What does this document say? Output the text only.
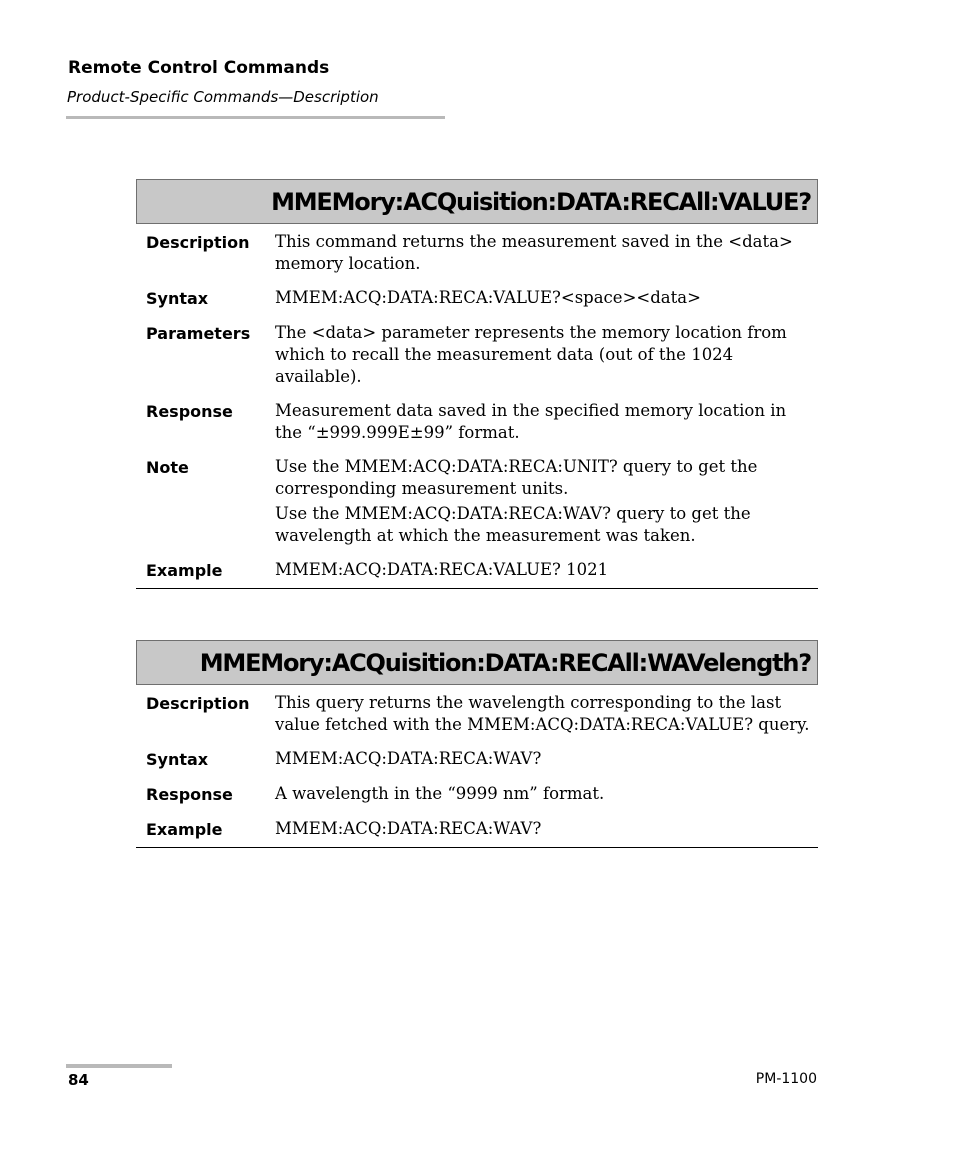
Remote Control Commands
Product-Specific Commands—Description
MMEMory:ACQuisition:DATA:RECAll:VALUE?
Description	This command returns the measurement saved in the <data> memory location.

Syntax	MMEM:ACQ:DATA:RECA:VALUE?<space><data>

Parameters	The <data> parameter represents the memory location from which to recall the measurement data (out of the 1024 available).

Response	Measurement data saved in the specified memory location in the “±999.999E±99” format.

Note	Use the MMEM:ACQ:DATA:RECA:UNIT? query to get the corresponding measurement units.

Use the MMEM:ACQ:DATA:RECA:WAV? query to get the wavelength at which the measurement was taken.

Example	MMEM:ACQ:DATA:RECA:VALUE? 1021

MMEMory:ACQuisition:DATA:RECAll:WAVelength?
Description	This query returns the wavelength corresponding to the last value fetched with the MMEM:ACQ:DATA:RECA:VALUE? query.

Syntax	MMEM:ACQ:DATA:RECA:WAV?

Response	A wavelength in the “9999 nm” format.

Example	MMEM:ACQ:DATA:RECA:WAV?

84	PM-1100
